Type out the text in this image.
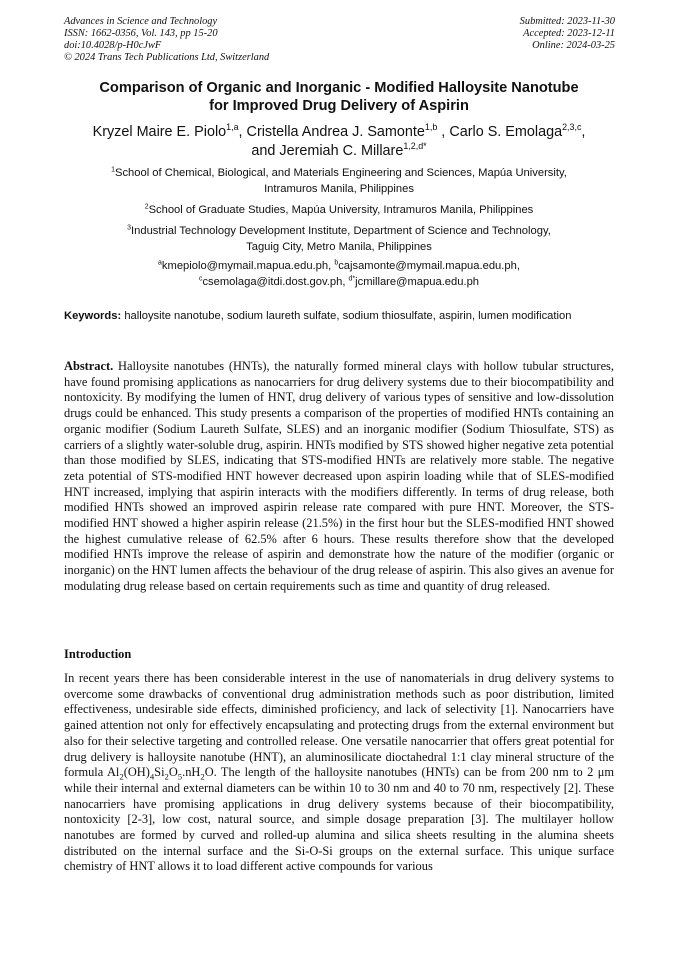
Advances in Science and Technology
ISSN: 1662-0356, Vol. 143, pp 15-20
doi:10.4028/p-H0cJwF
© 2024 Trans Tech Publications Ltd, Switzerland
Submitted: 2023-11-30
Accepted: 2023-12-11
Online: 2024-03-25
Comparison of Organic and Inorganic - Modified Halloysite Nanotube
for Improved Drug Delivery of Aspirin
Kryzel Maire E. Piolo$^{1,a}$, Cristella Andrea J. Samonte$^{1,b}$ , Carlo S. Emolaga$^{2,3,c}$,
and Jeremiah C. Millare$^{1,2,d*}$
$^1$School of Chemical, Biological, and Materials Engineering and Sciences, Mapúa University,
Intramuros Manila, Philippines
$^2$School of Graduate Studies, Mapúa University, Intramuros Manila, Philippines
$^3$Industrial Technology Development Institute, Department of Science and Technology,
Taguig City, Metro Manila, Philippines
$^a$kmepiolo@mymail.mapua.edu.ph, $^b$cajsamonte@mymail.mapua.edu.ph,
$^c$csemolaga@itdi.dost.gov.ph, $^{d*}$jcmillare@mapua.edu.ph
Keywords: halloysite nanotube, sodium laureth sulfate, sodium thiosulfate, aspirin, lumen modification
Abstract. Halloysite nanotubes (HNTs), the naturally formed mineral clays with hollow tubular structures, have found promising applications as nanocarriers for drug delivery systems due to their biocompatibility and nontoxicity. By modifying the lumen of HNT, drug delivery of various types of sensitive and low-dissolution drugs could be enhanced. This study presents a comparison of the properties of modified HNTs containing an organic modifier (Sodium Laureth Sulfate, SLES) and an inorganic modifier (Sodium Thiosulfate, STS) as carriers of a slightly water-soluble drug, aspirin. HNTs modified by STS showed higher negative zeta potential than those modified by SLES, indicating that STS-modified HNTs are relatively more stable. The negative zeta potential of STS-modified HNT however decreased upon aspirin loading while that of SLES-modified HNT increased, implying that aspirin interacts with the modifiers differently. In terms of drug release, both modified HNTs showed an improved aspirin release rate compared with pure HNT. Moreover, the STS-modified HNT showed a higher aspirin release (21.5%) in the first hour but the SLES-modified HNT showed the highest cumulative release of 62.5% after 6 hours. These results therefore show that the developed modified HNTs improve the release of aspirin and demonstrate how the nature of the modifier (organic or inorganic) on the HNT lumen affects the behaviour of the drug release of aspirin. This also gives an avenue for modulating drug release based on certain requirements such as time and quantity of drug released.
Introduction
In recent years there has been considerable interest in the use of nanomaterials in drug delivery systems to overcome some drawbacks of conventional drug administration methods such as poor distribution, limited effectiveness, undesirable side effects, diminished proficiency, and lack of selectivity [1]. Nanocarriers have gained attention not only for effectively encapsulating and protecting drugs from the external environment but also for their selective targeting and controlled release. One versatile nanocarrier that offers great potential for drug delivery is halloysite nanotube (HNT), an aluminosilicate dioctahedral 1:1 clay mineral structure of the formula $Al_2(OH)_4Si_2O_5.nH_2O$. The length of the halloysite nanotubes (HNTs) can be from 200 nm to 2 μm while their internal and external diameters can be within 10 to 30 nm and 40 to 70 nm, respectively [2]. These nanocarriers have promising applications in drug delivery systems because of their biocompatibility, nontoxicity [2-3], low cost, natural source, and simple dosage preparation [3]. The multilayer hollow nanotubes are formed by curved and rolled-up alumina and silica sheets resulting in the alumina sheets distributed on the internal surface and the Si-O-Si groups on the external surface. This unique surface chemistry of HNT allows it to load different active compounds for various
